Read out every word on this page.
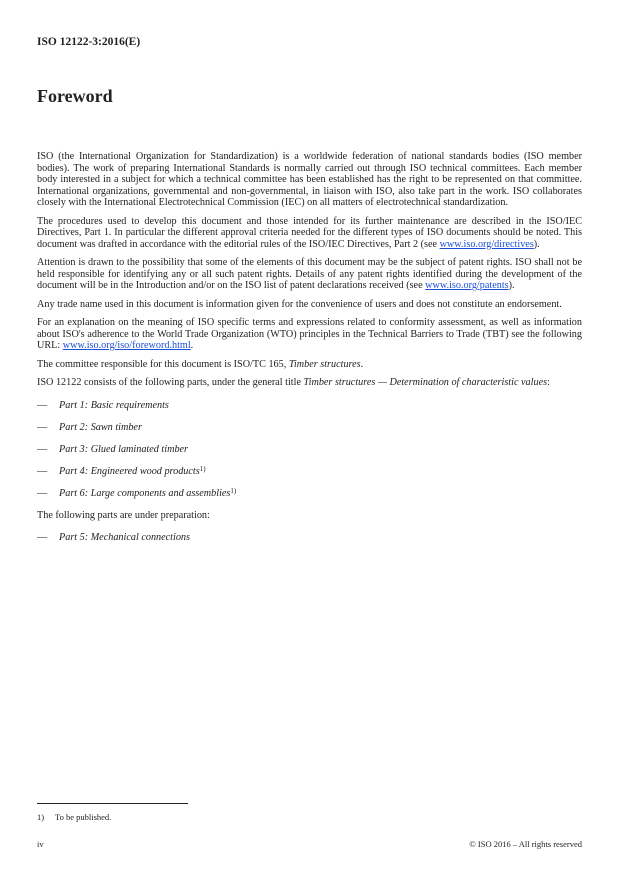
ISO 12122-3:2016(E)
Foreword

ISO (the International Organization for Standardization) is a worldwide federation of national standards bodies (ISO member bodies). The work of preparing International Standards is normally carried out through ISO technical committees. Each member body interested in a subject for which a technical committee has been established has the right to be represented on that committee. International organizations, governmental and non-governmental, in liaison with ISO, also take part in the work. ISO collaborates closely with the International Electrotechnical Commission (IEC) on all matters of electrotechnical standardization.

The procedures used to develop this document and those intended for its further maintenance are described in the ISO/IEC Directives, Part 1. In particular the different approval criteria needed for the different types of ISO documents should be noted. This document was drafted in accordance with the editorial rules of the ISO/IEC Directives, Part 2 (see www.iso.org/directives).

Attention is drawn to the possibility that some of the elements of this document may be the subject of patent rights. ISO shall not be held responsible for identifying any or all such patent rights. Details of any patent rights identified during the development of the document will be in the Introduction and/or on the ISO list of patent declarations received (see www.iso.org/patents).

Any trade name used in this document is information given for the convenience of users and does not constitute an endorsement.

For an explanation on the meaning of ISO specific terms and expressions related to conformity assessment, as well as information about ISO's adherence to the World Trade Organization (WTO) principles in the Technical Barriers to Trade (TBT) see the following URL: www.iso.org/iso/foreword.html.

The committee responsible for this document is ISO/TC 165, Timber structures.

ISO 12122 consists of the following parts, under the general title Timber structures — Determination of characteristic values:

— Part 1: Basic requirements
— Part 2: Sawn timber
— Part 3: Glued laminated timber
— Part 4: Engineered wood products$^{1)}$
— Part 6: Large components and assemblies$^{1)}$
The following parts are under preparation:
— Part 5: Mechanical connections
1) To be published.
iv	© ISO 2016 – All rights reserved
